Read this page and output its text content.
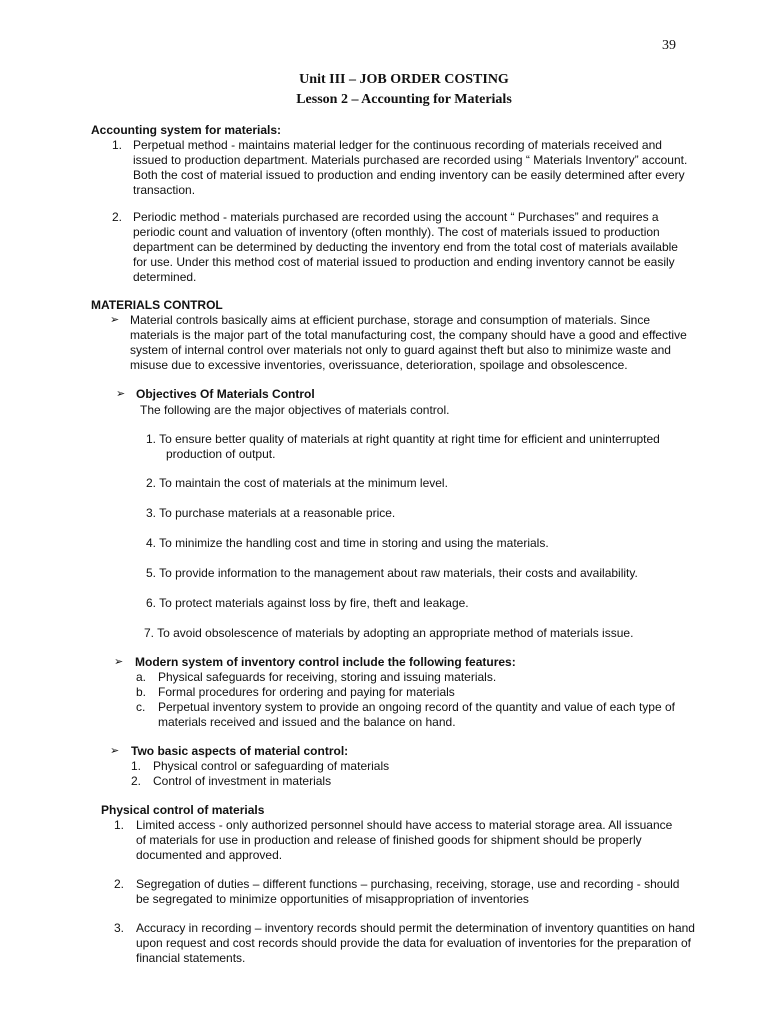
39
Unit III – JOB ORDER COSTING
Lesson 2 – Accounting for Materials
Accounting system for materials:
1. Perpetual method - maintains material ledger for the continuous recording of materials received and
issued to production department. Materials purchased are recorded using “ Materials Inventory” account.
Both the cost of material issued to production and ending inventory can be easily determined after every
transaction.
2. Periodic method - materials purchased are recorded using the account “ Purchases” and requires a
periodic count and valuation of inventory (often monthly). The cost of materials issued to production
department can be determined by deducting the inventory end from the total cost of materials available
for use. Under this method cost of material issued to production and ending inventory cannot be easily
determined.
MATERIALS CONTROL
➢ Material controls basically aims at efficient purchase, storage and consumption of materials. Since
materials is the major part of the total manufacturing cost, the company should have a good and effective
system of internal control over materials not only to guard against theft but also to minimize waste and
misuse due to excessive inventories, overissuance, deterioration, spoilage and obsolescence.
➢ Objectives Of Materials Control
The following are the major objectives of materials control.
1. To ensure better quality of materials at right quantity at right time for efficient and uninterrupted
production of output.
2. To maintain the cost of materials at the minimum level.
3. To purchase materials at a reasonable price.
4. To minimize the handling cost and time in storing and using the materials.
5. To provide information to the management about raw materials, their costs and availability.
6. To protect materials against loss by fire, theft and leakage.
7. To avoid obsolescence of materials by adopting an appropriate method of materials issue.
➢ Modern system of inventory control include the following features:
a. Physical safeguards for receiving, storing and issuing materials.
b. Formal procedures for ordering and paying for materials
c. Perpetual inventory system to provide an ongoing record of the quantity and value of each type of
materials received and issued and the balance on hand.
➢ Two basic aspects of material control:
1. Physical control or safeguarding of materials
2. Control of investment in materials
Physical control of materials
1. Limited access - only authorized personnel should have access to material storage area. All issuance
of materials for use in production and release of finished goods for shipment should be properly
documented and approved.
2. Segregation of duties – different functions – purchasing, receiving, storage, use and recording - should
be segregated to minimize opportunities of misappropriation of inventories
3. Accuracy in recording – inventory records should permit the determination of inventory quantities on hand
upon request and cost records should provide the data for evaluation of inventories for the preparation of
financial statements.
